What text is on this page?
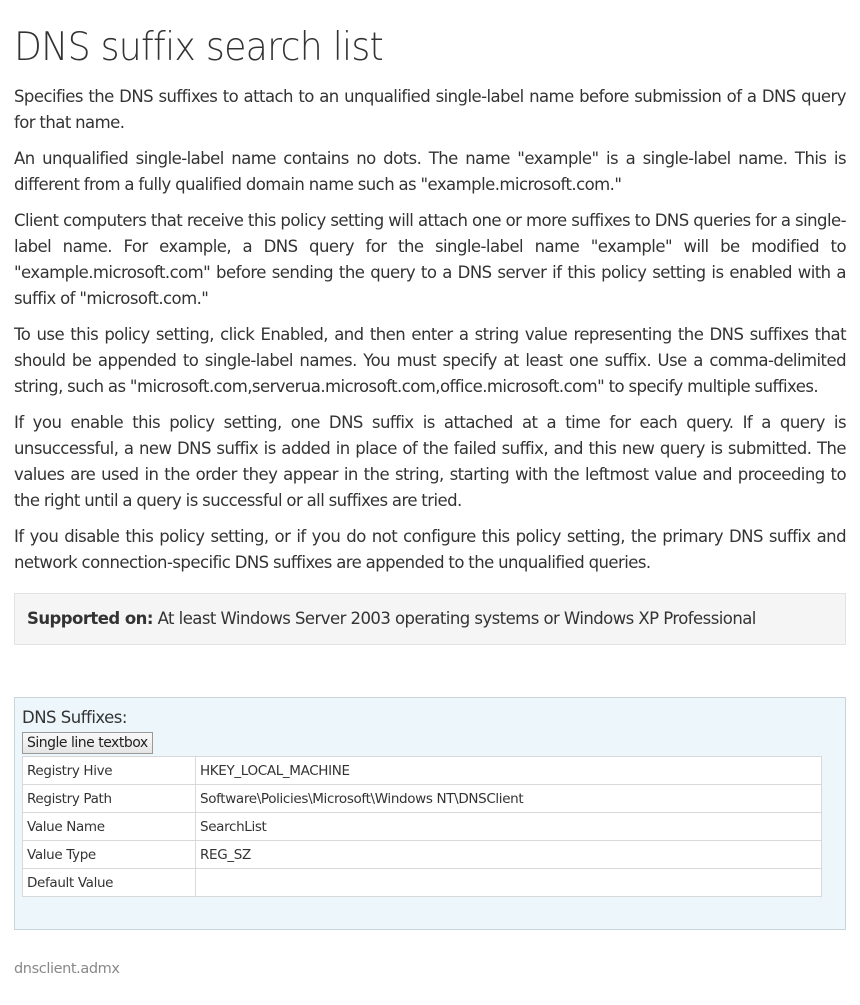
DNS suffix search list

Specifies the DNS suffixes to attach to an unqualified single-label name before submission of a DNS query for that name.

An unqualified single-label name contains no dots. The name "example" is a single-label name. This is different from a fully qualified domain name such as "example.microsoft.com."

Client computers that receive this policy setting will attach one or more suffixes to DNS queries for a single-label name. For example, a DNS query for the single-label name "example" will be modified to "example.microsoft.com" before sending the query to a DNS server if this policy setting is enabled with a suffix of "microsoft.com."

To use this policy setting, click Enabled, and then enter a string value representing the DNS suffixes that should be appended to single-label names. You must specify at least one suffix. Use a comma-delimited string, such as "microsoft.com,serverua.microsoft.com,office.microsoft.com" to specify multiple suffixes.

If you enable this policy setting, one DNS suffix is attached at a time for each query. If a query is unsuccessful, a new DNS suffix is added in place of the failed suffix, and this new query is submitted. The values are used in the order they appear in the string, starting with the leftmost value and proceeding to the right until a query is successful or all suffixes are tried.

If you disable this policy setting, or if you do not configure this policy setting, the primary DNS suffix and network connection-specific DNS suffixes are appended to the unqualified queries.

Supported on: At least Windows Server 2003 operating systems or Windows XP Professional
DNS Suffixes:
Single line textbox
Registry Hive	HKEY_LOCAL_MACHINE
Registry Path	Software\Policies\Microsoft\Windows NT\DNSClient
Value Name	SearchList
Value Type	REG_SZ
Default Value	
dnsclient.admx
